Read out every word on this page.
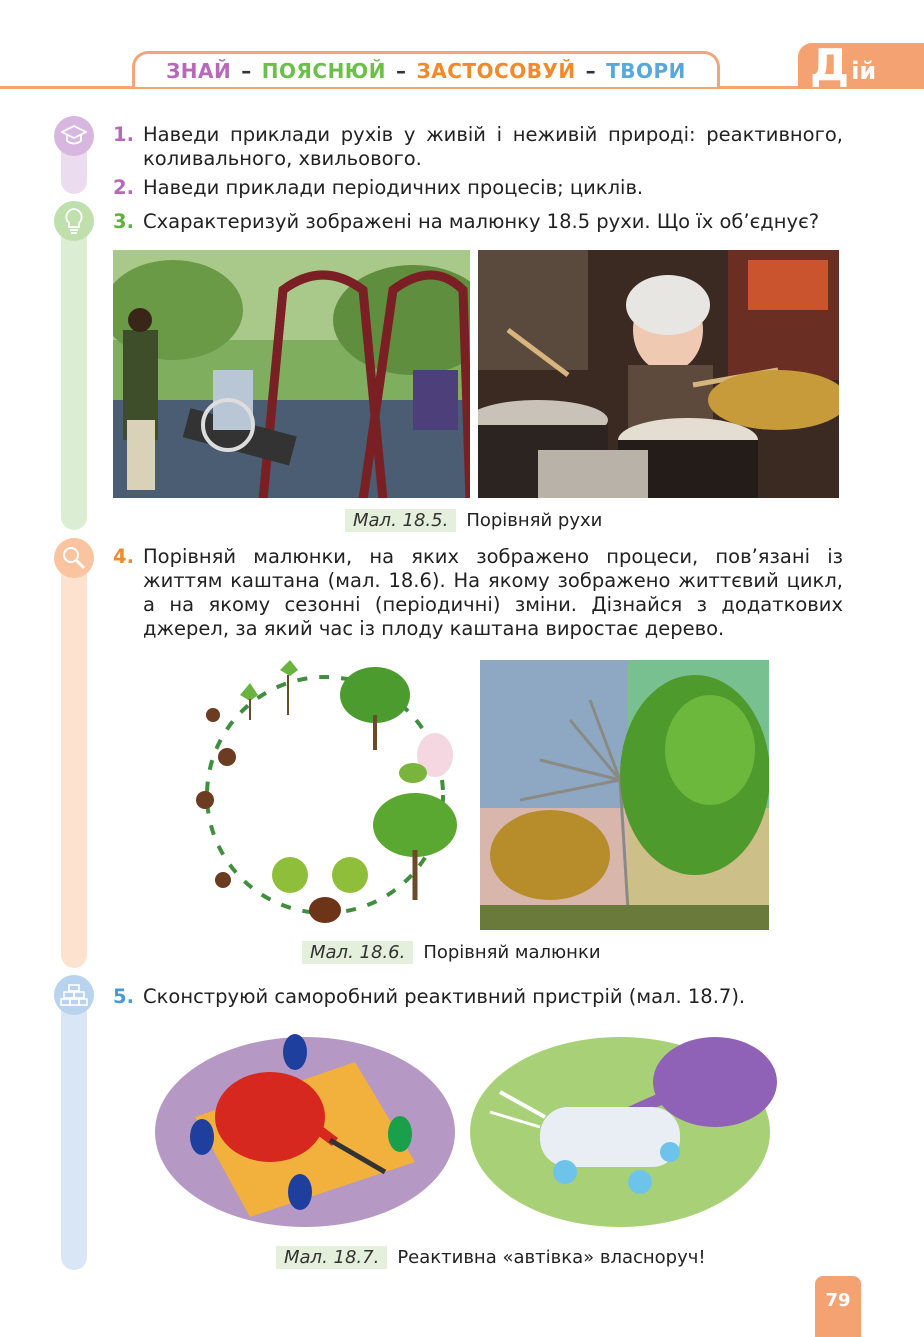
ЗНАЙ – ПОЯСНЮЙ – ЗАСТОСОВУЙ – ТВОРИ	Д ій
1. Наведи приклади рухів у живій і неживій природі: реактивного, коливального, хвильового.
2. Наведи приклади періодичних процесів; циклів.
3. Схарактеризуй зображені на малюнку 18.5 рухи. Що їх об’єднує?
Мал. 18.5.	Порівняй рухи
4. Порівняй малюнки, на яких зображено процеси, пов’язані із життям каштана (мал. 18.6). На якому зображено життєвий цикл, а на якому сезонні (періодичні) зміни. Дізнайся з додаткових джерел, за який час із плоду каштана виростає дерево.
Мал. 18.6.	Порівняй малюнки
5. Сконструюй саморобний реактивний пристрій (мал. 18.7).
Мал. 18.7.	Реактивна «автівка» власноруч!
79
